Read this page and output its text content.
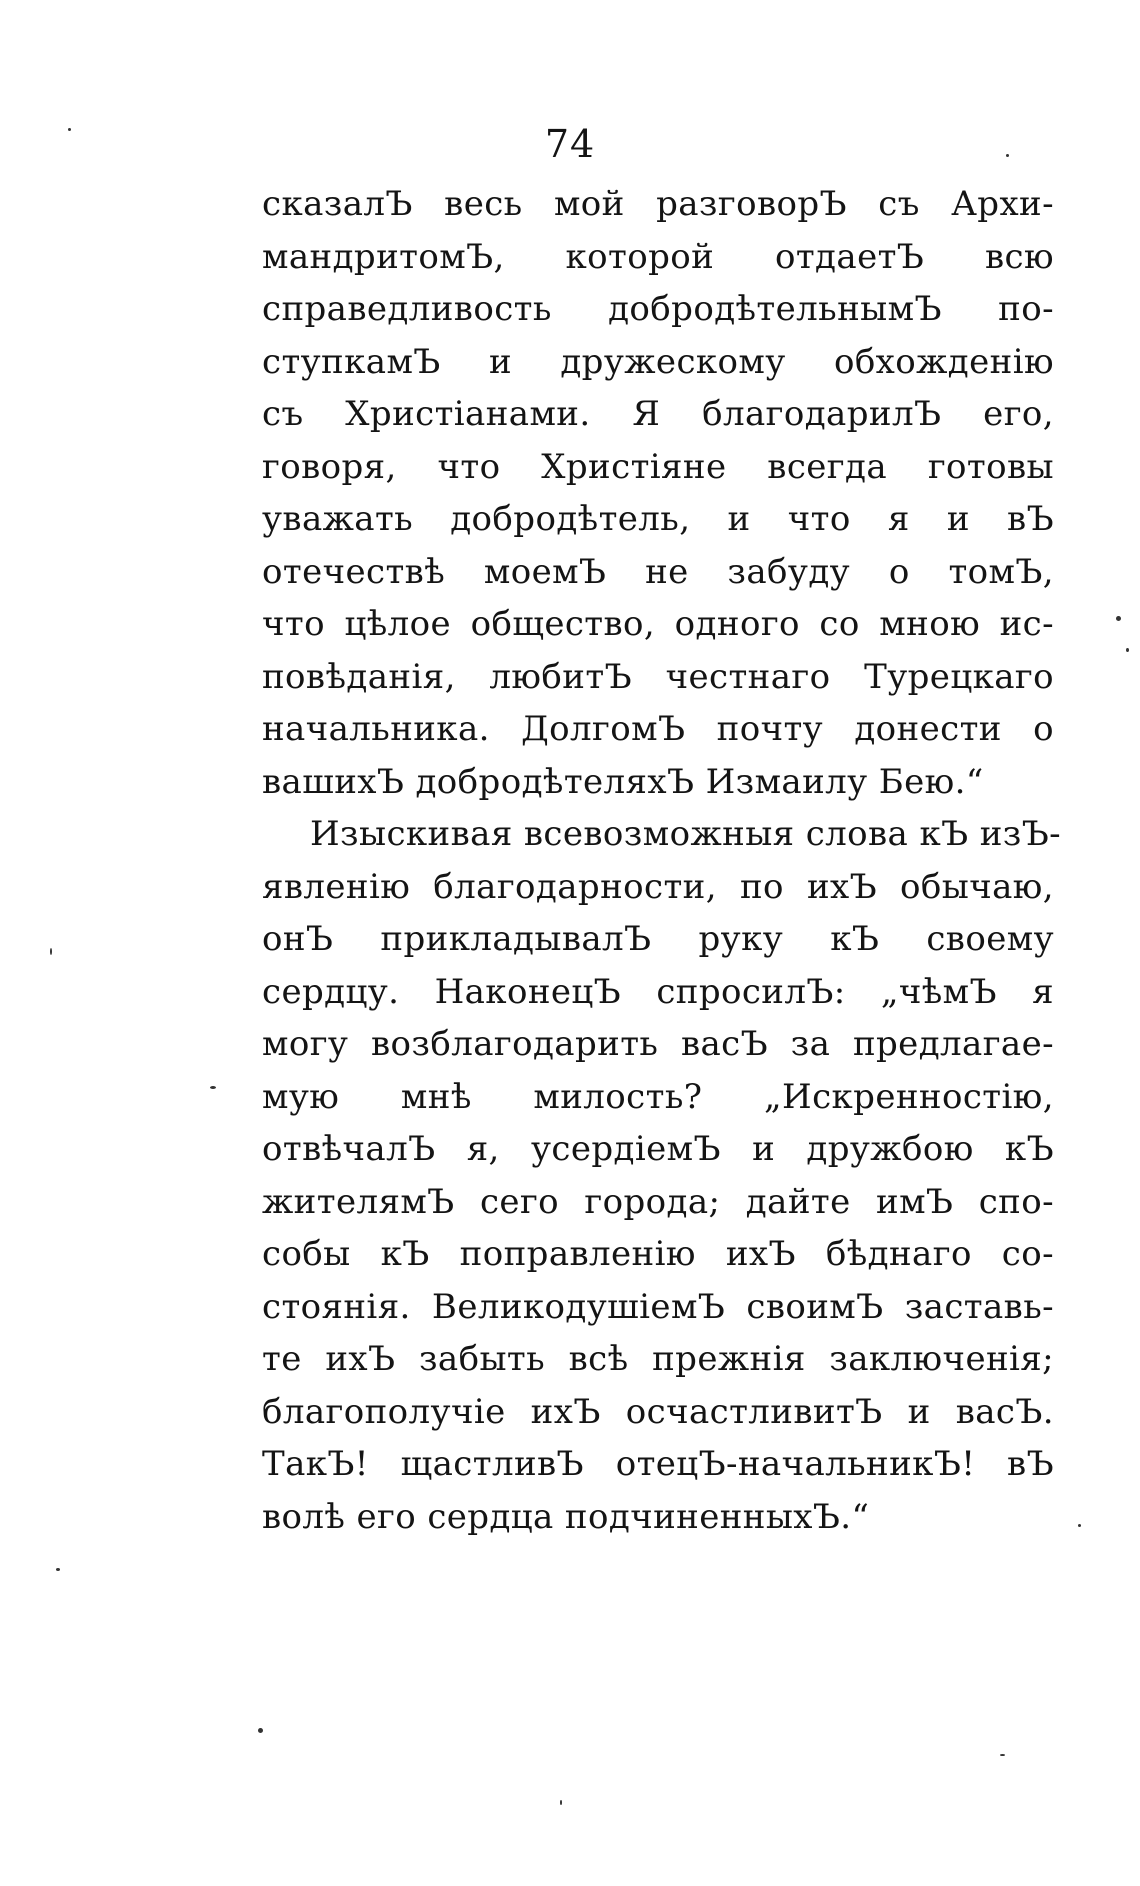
74
сказалЪ весь мой разговорЪ съ Архи-
мандритомЪ, которой отдаетЪ всю
справедливость добродѣтельнымЪ по-
ступкамЪ и дружескому обхожденію
съ Христіанами. Я благодарилЪ его,
говоря, что Христіяне всегда готовы
уважать добродѣтель, и что я и вЪ
отечествѣ моемЪ не забуду о томЪ,
что цѣлое общество, одного со мною ис-
повѣданія, любитЪ честнаго Турецкаго
начальника. ДолгомЪ почту донести о
вашихЪ добродѣтеляхЪ Измаилу Бею.“
Изыскивая всевозможныя слова кЪ изЪ-
явленію благодарности, по ихЪ обычаю,
онЪ прикладывалЪ руку кЪ своему
сердцу. НаконецЪ спросилЪ: „чѣмЪ я
могу возблагодарить васЪ за предлагае-
мую мнѣ милость? „Искренностію,
отвѣчалЪ я, усердіемЪ и дружбою кЪ
жителямЪ сего города; дайте имЪ спо-
собы кЪ поправленію ихЪ бѣднаго со-
стоянія. ВеликодушіемЪ своимЪ заставь-
те ихЪ забыть всѣ прежнія заключенія;
благополучіе ихЪ осчастливитЪ и васЪ.
ТакЪ! щастливЪ отецЪ-начальникЪ! вЪ
волѣ его сердца подчиненныхЪ.“
